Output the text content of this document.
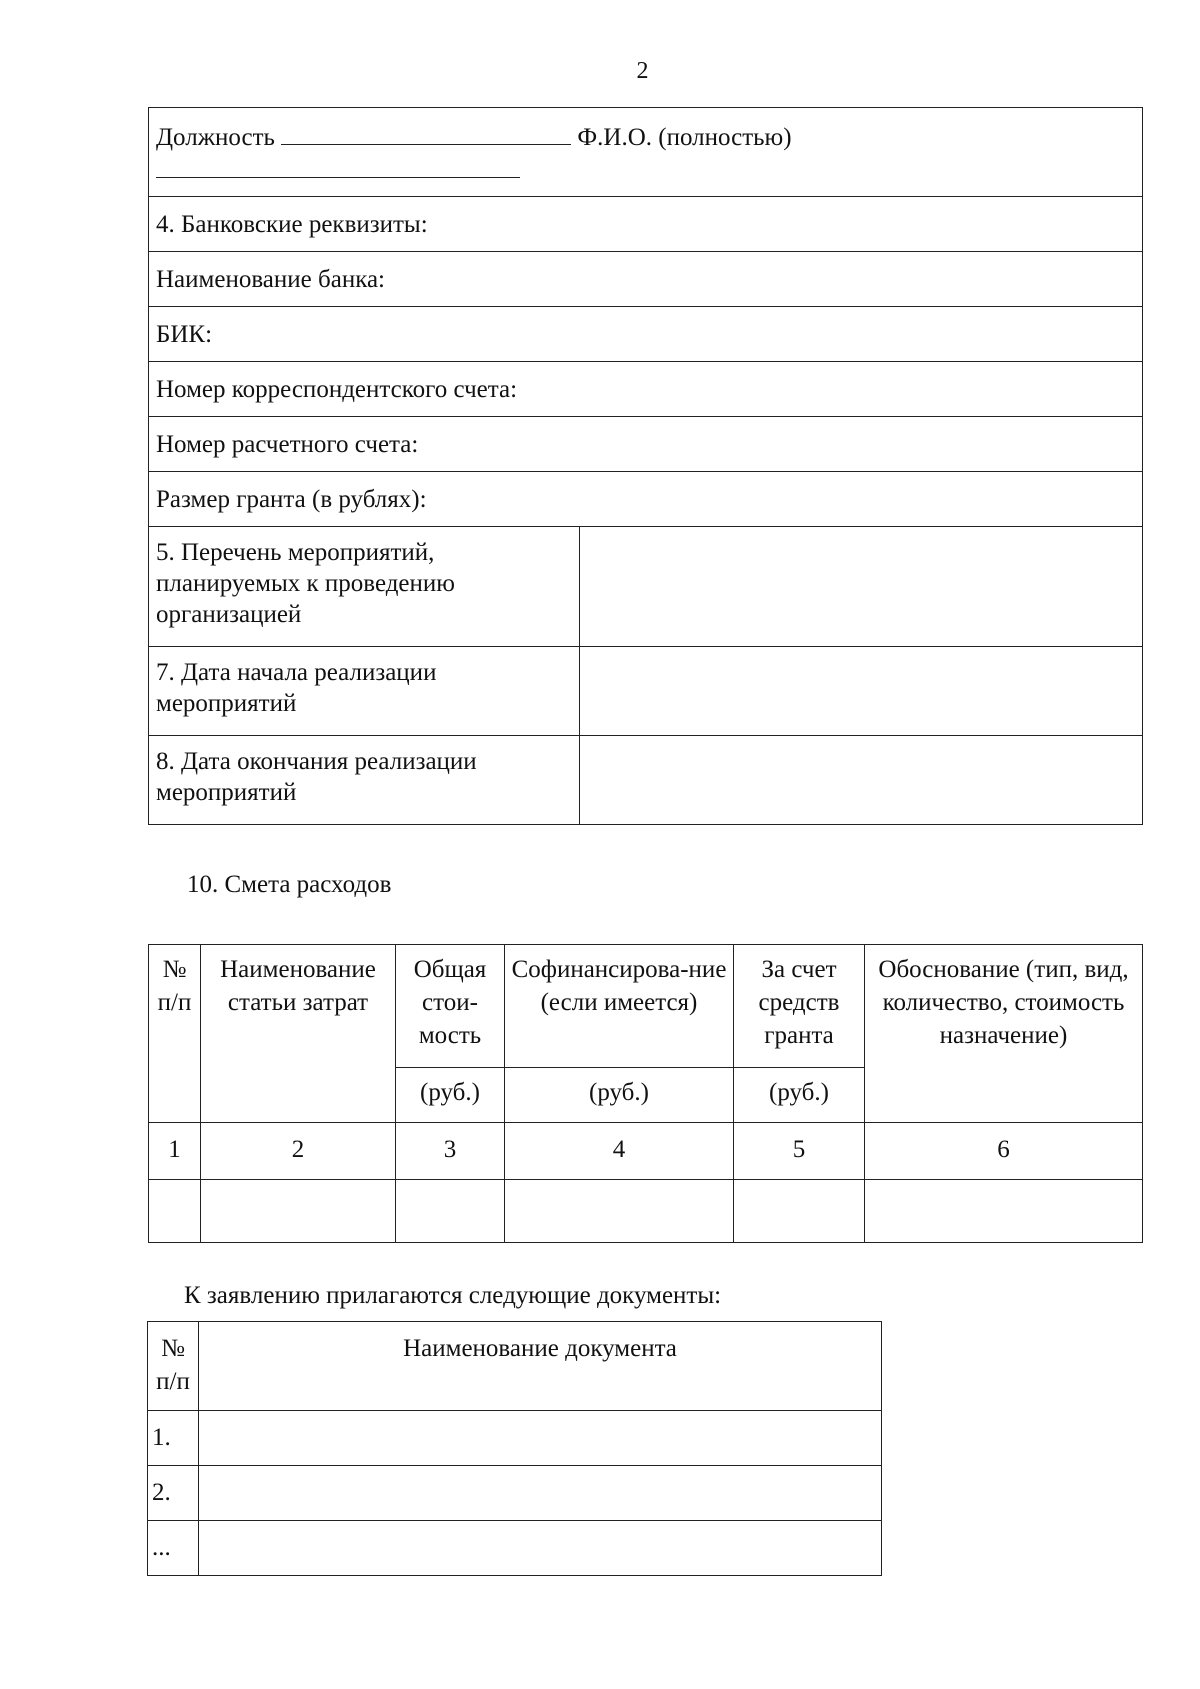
2
Должность Ф.И.О. (полностью)	

4. Банковские реквизиты:	
Наименование банка:	
БИК:	
Номер корреспондентского счета:	
Номер расчетного счета:	
Размер гранта (в рублях):	
5. Перечень мероприятий, планируемых к проведению организацией	
7. Дата начала реализации мероприятий	
8. Дата окончания реализации мероприятий	
10. Смета расходов
№ п/п	Наименование статьи затрат	Общая стои-мость	Софинансирова-ние (если имеется)	За счет средств гранта	Обоснование (тип, вид, количество, стоимость назначение)
		(руб.)	(руб.)	(руб.)	
1	2	3	4	5	6

К заявлению прилагаются следующие документы:
№ п/п	Наименование документа
1.	
2.	
...	
